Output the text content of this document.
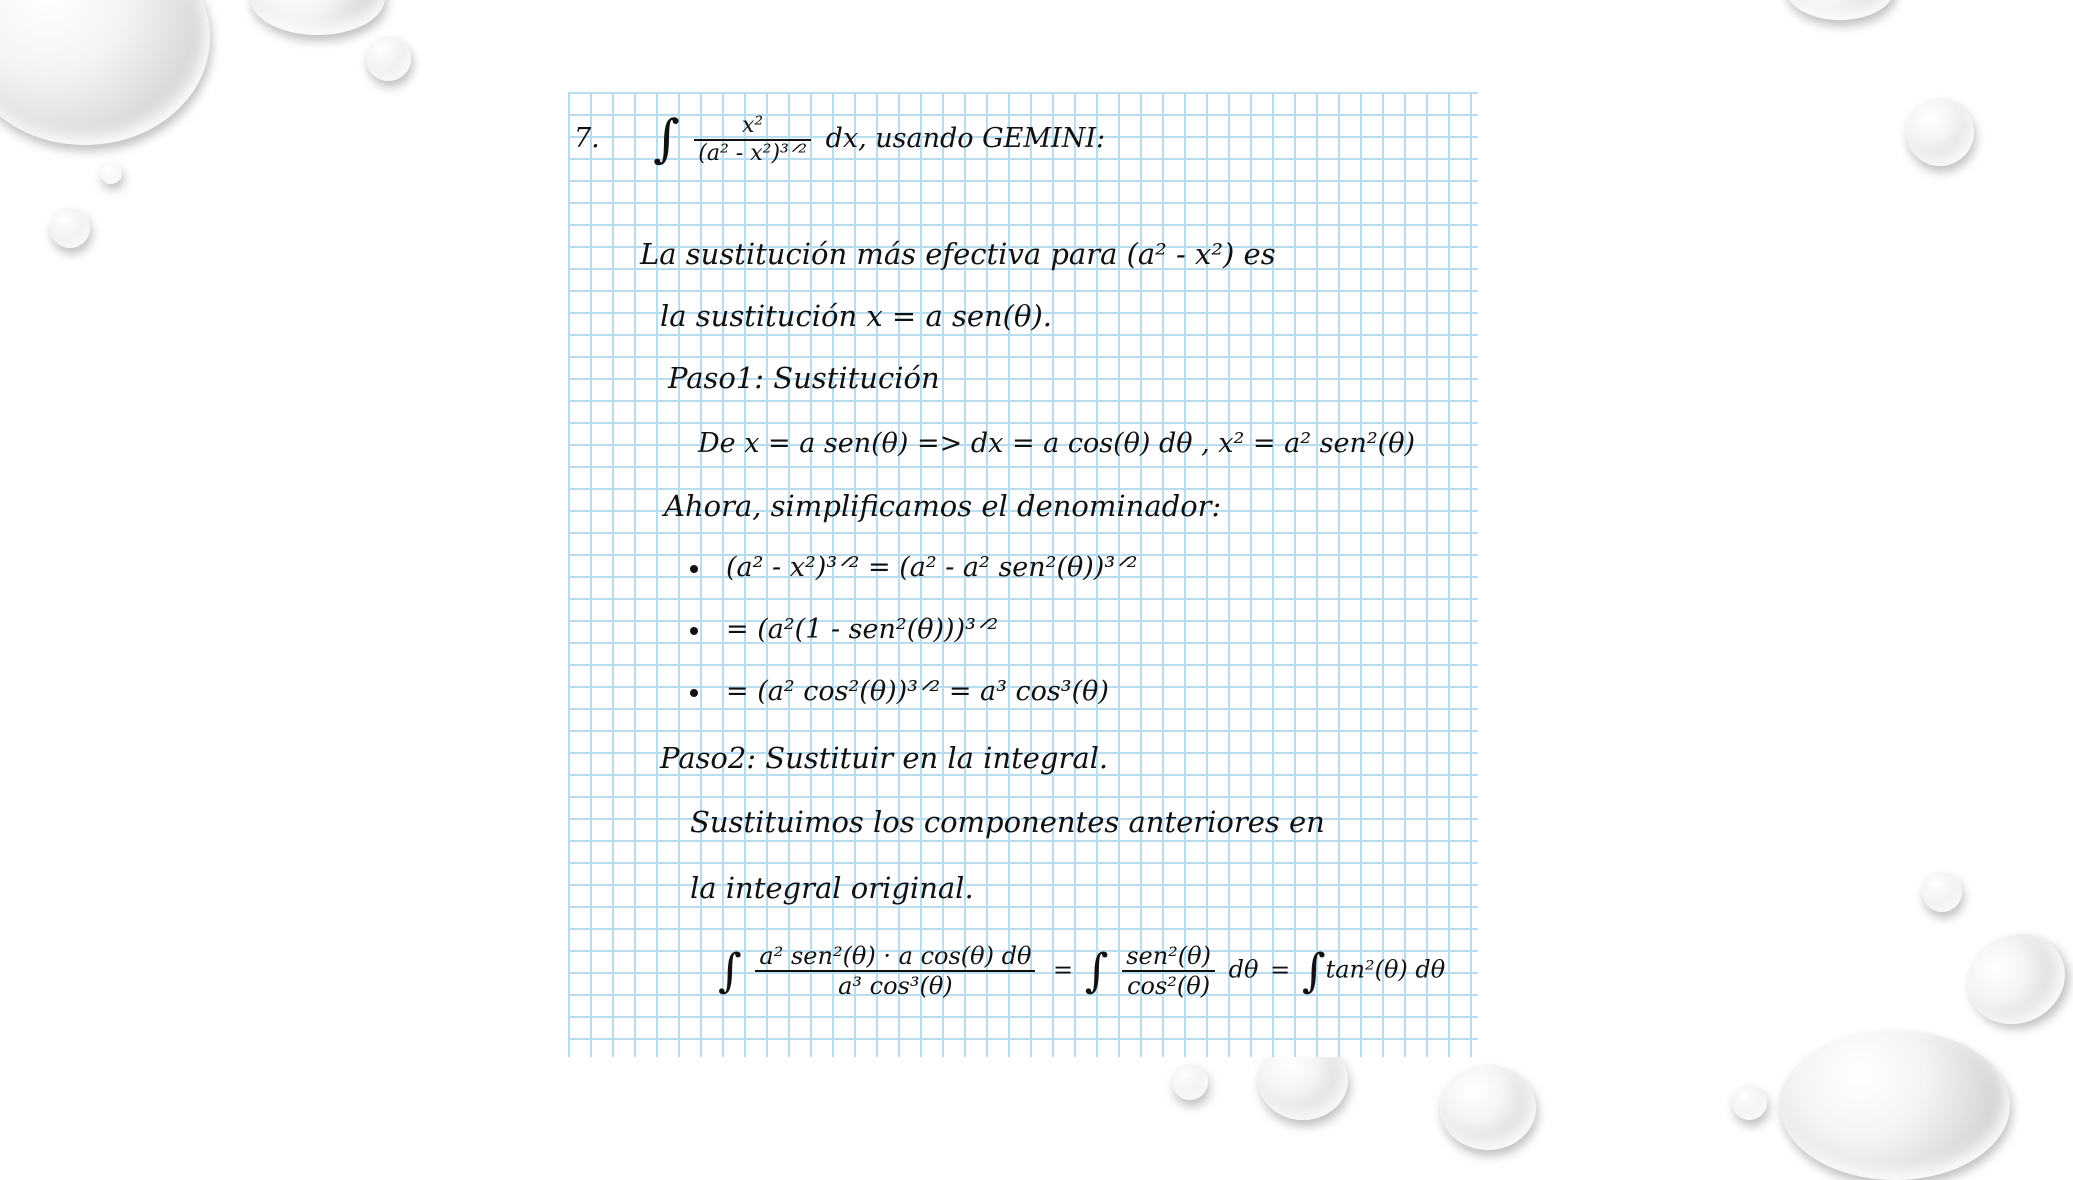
7. ∫ $\frac{\text{x²}}{\text{(a² - x²)³ᐟ²}}$ dx, usando GEMINI:
La sustitución más efectiva para (a² - x²) es
la sustitución x = a sen(θ).
Paso1: Sustitución
De x = a sen(θ) => dx = a cos(θ) dθ , x² = a² sen²(θ)
Ahora, simplificamos el denominador:
(a² - x²)³ᐟ² = (a² - a² sen²(θ))³ᐟ²
= (a²(1 - sen²(θ)))³ᐟ²
= (a² cos²(θ))³ᐟ² = a³ cos³(θ)
Paso2: Sustituir en la integral.
Sustituimos los componentes anteriores en
la integral original.
∫ $\frac{\text{a² sen²(θ) · a cos(θ) dθ}}{\text{a³ cos³(θ)}}$ = ∫ $\frac{\text{sen²(θ)}}{\text{cos²(θ)}}$ dθ = ∫tan²(θ) dθ
